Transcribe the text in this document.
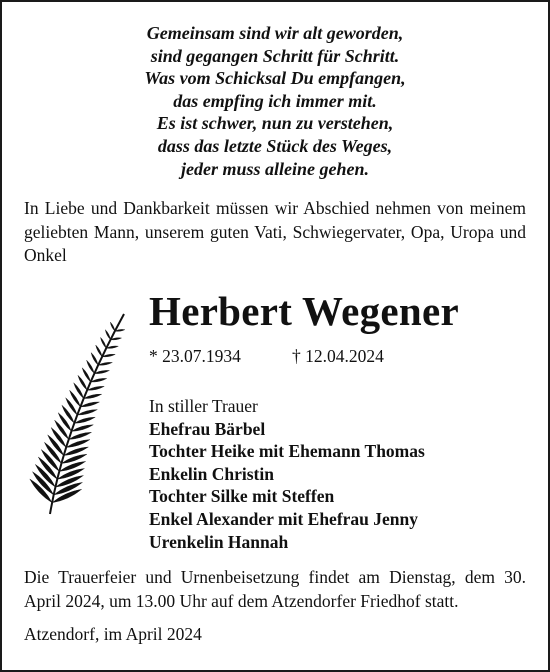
Gemeinsam sind wir alt geworden,
sind gegangen Schritt für Schritt.
Was vom Schicksal Du empfangen,
das empfing ich immer mit.
Es ist schwer, nun zu verstehen,
dass das letzte Stück des Weges,
jeder muss alleine gehen.
In Liebe und Dankbarkeit müssen wir Abschied nehmen von meinem geliebten Mann, unserem guten Vati, Schwiegervater, Opa, Uropa und Onkel
Herbert Wegener
* 23.07.1934	† 12.04.2024
In stiller Trauer
Ehefrau Bärbel
Tochter Heike mit Ehemann Thomas
Enkelin Christin
Tochter Silke mit Steffen
Enkel Alexander mit Ehefrau Jenny
Urenkelin Hannah
Die Trauerfeier und Urnenbeisetzung findet am Dienstag, dem 30. April 2024, um 13.00 Uhr auf dem Atzendorfer Friedhof statt.
Atzendorf, im April 2024
